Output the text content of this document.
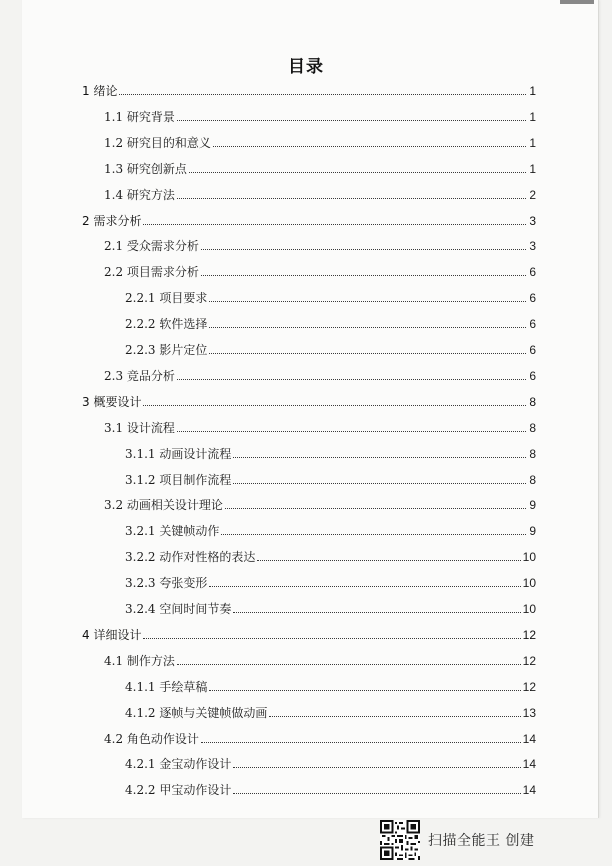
目录
1 绪论	1
1.1 研究背景	1
1.2 研究目的和意义	1
1.3 研究创新点	1
1.4 研究方法	2
2 需求分析	3
2.1 受众需求分析	3
2.2 项目需求分析	6
2.2.1 项目要求	6
2.2.2 软件选择	6
2.2.3 影片定位	6
2.3 竞品分析	6
3 概要设计	8
3.1 设计流程	8
3.1.1 动画设计流程	8
3.1.2 项目制作流程	8
3.2 动画相关设计理论	9
3.2.1 关键帧动作	9
3.2.2 动作对性格的表达	10
3.2.3 夸张变形	10
3.2.4 空间时间节奏	10
4 详细设计	12
4.1 制作方法	12
4.1.1 手绘草稿	12
4.1.2 逐帧与关键帧做动画	13
4.2 角色动作设计	14
4.2.1 金宝动作设计	14
4.2.2 甲宝动作设计	14
扫描全能王 创建
